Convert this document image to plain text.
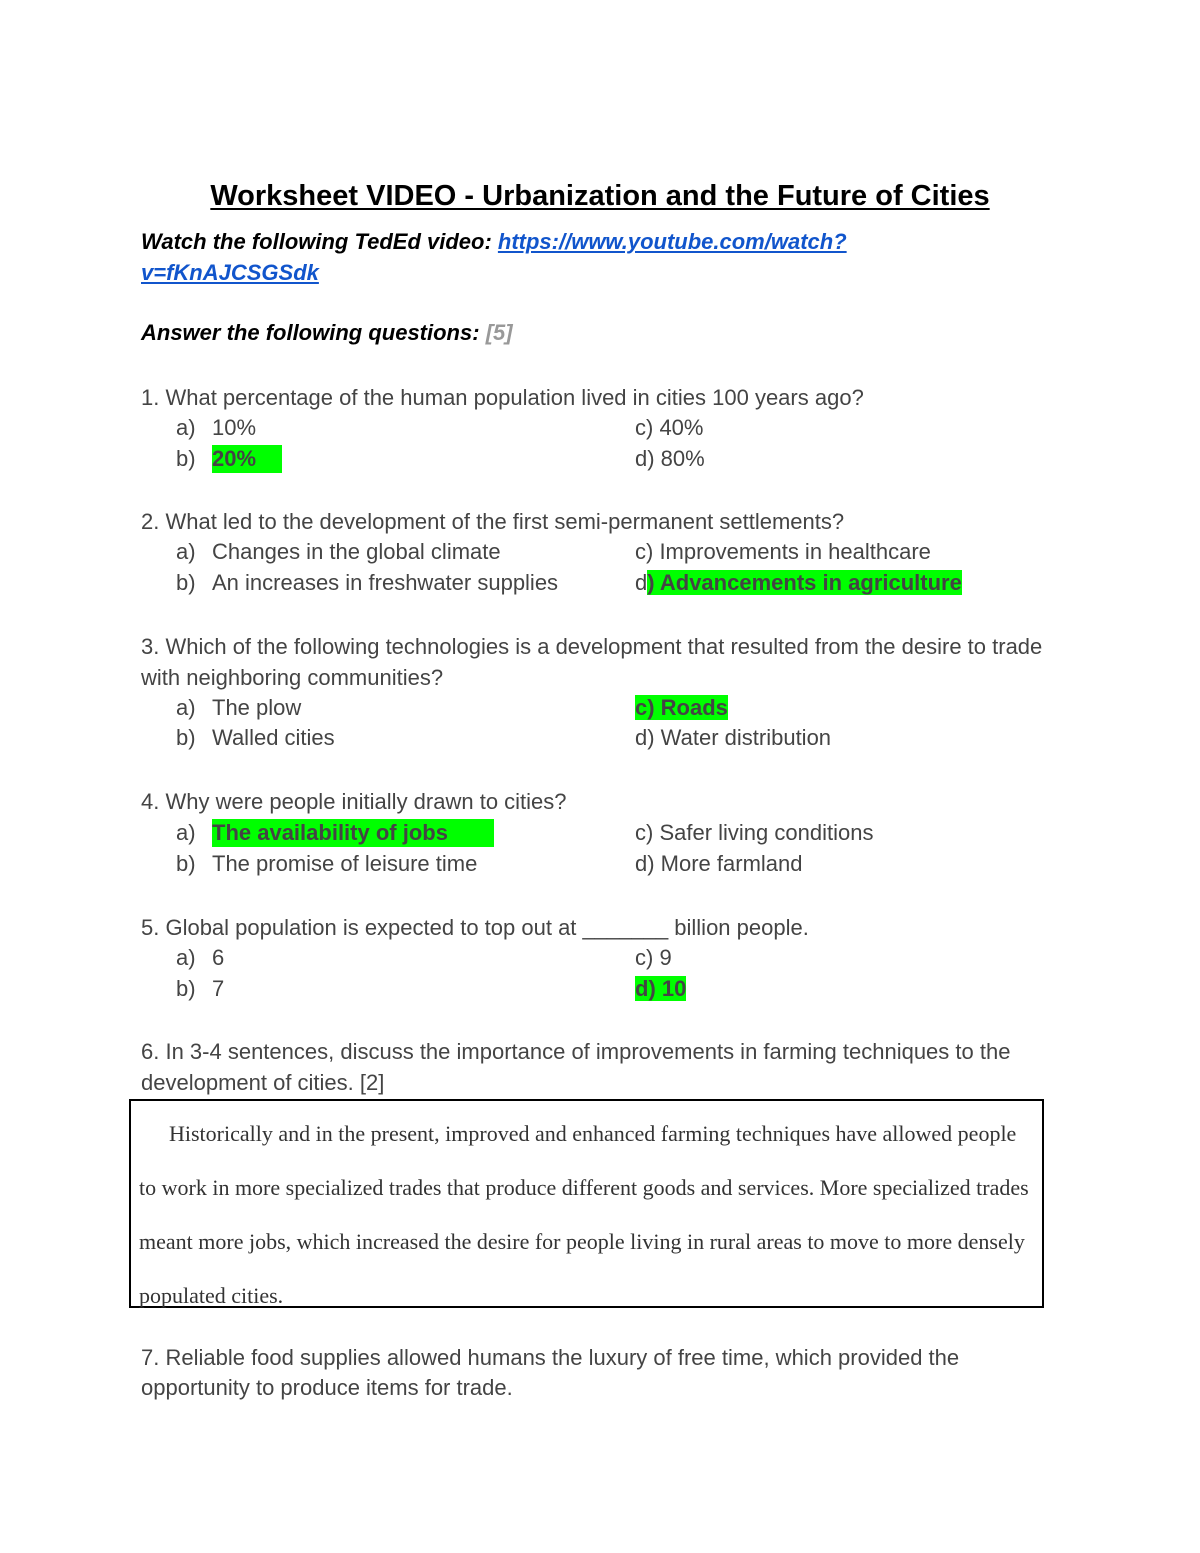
Worksheet VIDEO - Urbanization and the Future of Cities
Watch the following TedEd video: https://www.youtube.com/watch?
v=fKnAJCSGSdk
Answer the following questions: [5]
1. What percentage of the human population lived in cities 100 years ago?
a) 10%	c) 40%
b) 20%	d) 80%
2. What led to the development of the first semi-permanent settlements?
a) Changes in the global climate	c) Improvements in healthcare
b) An increases in freshwater supplies	d) Advancements in agriculture
3. Which of the following technologies is a development that resulted from the desire to trade with neighboring communities?
a) The plow	c) Roads
b) Walled cities	d) Water distribution
4. Why were people initially drawn to cities?
a) The availability of jobs	c) Safer living conditions
b) The promise of leisure time	d) More farmland
5. Global population is expected to top out at _______ billion people.
a) 6	c) 9
b) 7	d) 10
6. In 3-4 sentences, discuss the importance of improvements in farming techniques to the development of cities. [2]
Historically and in the present, improved and enhanced farming techniques have allowed people to work in more specialized trades that produce different goods and services. More specialized trades meant more jobs, which increased the desire for people living in rural areas to move to more densely populated cities.
7. Reliable food supplies allowed humans the luxury of free time, which provided the opportunity to produce items for trade.
